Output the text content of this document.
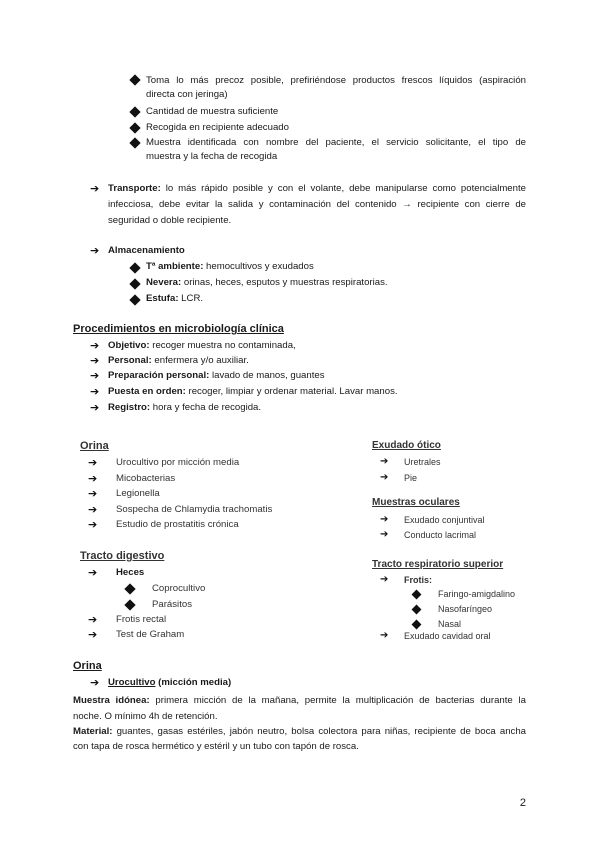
Toma lo más precoz posible, prefiriéndose productos frescos líquidos (aspiración
directa con jeringa)
Cantidad de muestra suficiente
Recogida en recipiente adecuado
Muestra identificada con nombre del paciente, el servicio solicitante, el tipo de
muestra y la fecha de recogida
➔ Transporte: lo más rápido posible y con el volante, debe manipularse como potencialmente
infecciosa, debe evitar la salida y contaminación del contenido → recipiente con cierre de
seguridad o doble recipiente.
➔ Almacenamiento
Tª ambiente: hemocultivos y exudados
Nevera: orinas, heces, esputos y muestras respiratorias.
Estufa: LCR.
Procedimientos en microbiología clínica
➔ Objetivo: recoger muestra no contaminada,
➔ Personal: enfermera y/o auxiliar.
➔ Preparación personal: lavado de manos, guantes
➔ Puesta en orden: recoger, limpiar y ordenar material. Lavar manos.
➔ Registro: hora y fecha de recogida.
Orina
➔ Urocultivo por micción media
➔ Micobacterias
➔ Legionella
➔ Sospecha de Chlamydia trachomatis
➔ Estudio de prostatitis crónica
Tracto digestivo
➔ Heces
Coprocultivo
Parásitos
➔ Frotis rectal
➔ Test de Graham
Exudado ótico
➔ Uretrales
➔ Pie
Muestras oculares
➔ Exudado conjuntival
➔ Conducto lacrimal
Tracto respiratorio superior
➔ Frotis:
Faringo-amigdalino
Nasofaríngeo
Nasal
➔ Exudado cavidad oral
Orina
➔ Urocultivo (micción media)
Muestra idónea: primera micción de la mañana, permite la multiplicación de bacterias durante la
noche. O mínimo 4h de retención.
Material: guantes, gasas estériles, jabón neutro, bolsa colectora para niñas, recipiente de boca ancha
con tapa de rosca hermético y estéril y un tubo con tapón de rosca.
2
